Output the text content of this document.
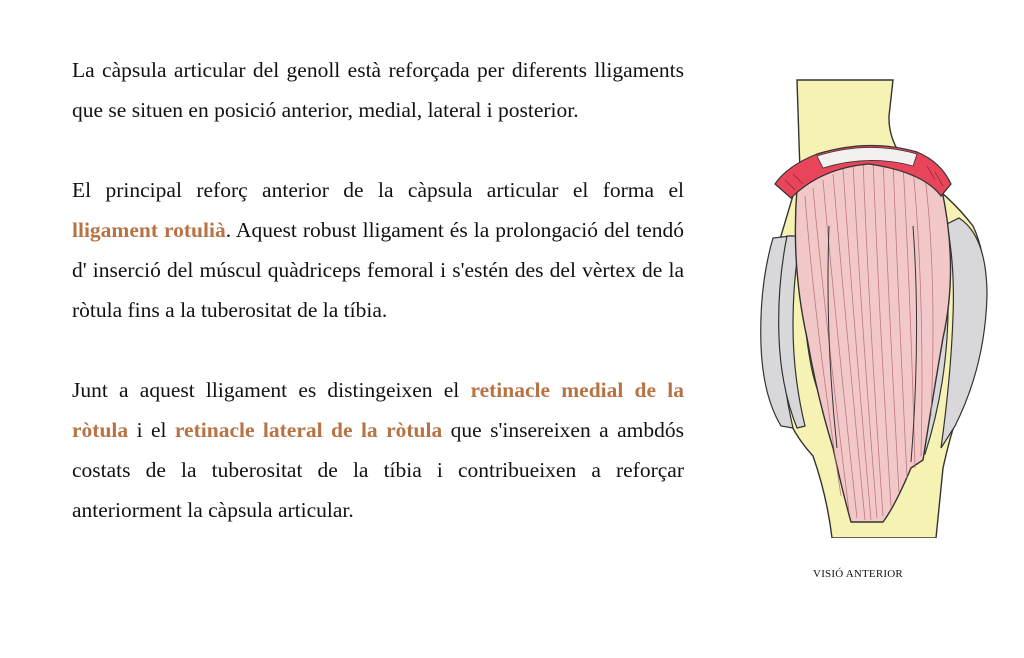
La càpsula articular del genoll està reforçada per diferents lligaments que se situen en posició anterior, medial, lateral i posterior.

El principal reforç anterior de la càpsula articular el forma el lligament rotulià. Aquest robust lligament és la prolongació del tendó d' inserció del múscul quàdriceps femoral i s'estén des del vèrtex de la ròtula fins a la tuberositat de la tíbia.

Junt a aquest lligament es distingeixen el retinacle medial de la ròtula i el retinacle lateral de la ròtula que s'insereixen a ambdós costats de la tuberositat de la tíbia i contribueixen a reforçar anteriorment la càpsula articular.

VISIÓ ANTERIOR
